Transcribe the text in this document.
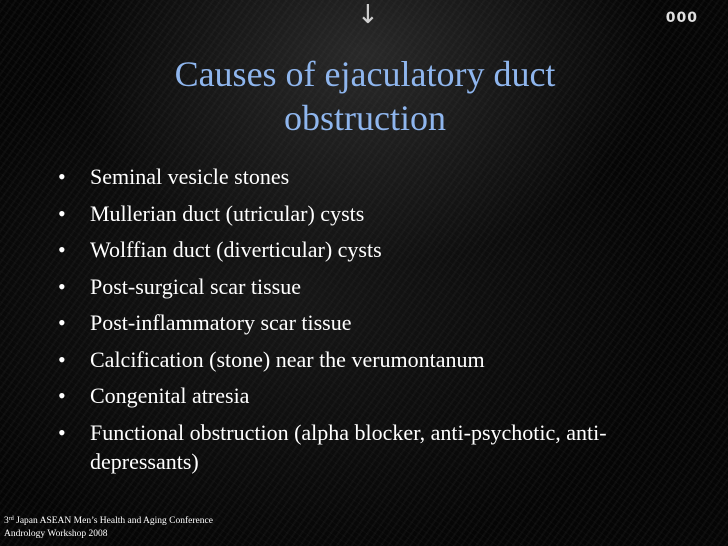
↓	000
Causes of ejaculatory duct
obstruction
• Seminal vesicle stones
• Mullerian duct (utricular) cysts
• Wolffian duct (diverticular) cysts
• Post-surgical scar tissue
• Post-inflammatory scar tissue
• Calcification (stone) near the verumontanum
• Congenital atresia
• Functional obstruction (alpha blocker, anti-psychotic, anti-depressants)
3rd Japan ASEAN Men’s Health and Aging Conference
Andrology Workshop 2008
